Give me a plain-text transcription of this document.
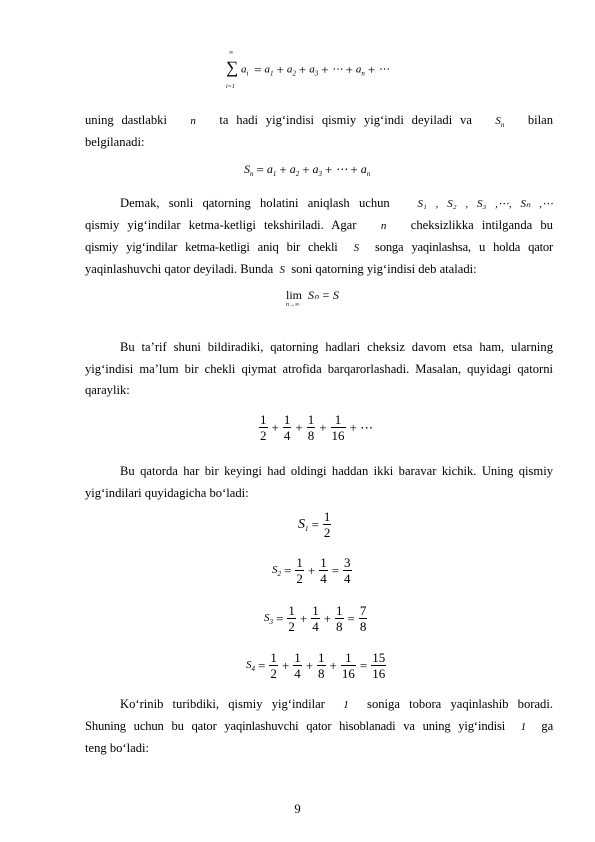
∑
∞
i=1
$a_i = a_1 + a_2 + a_3$ + ⋯ + $a_n$ + ⋯
uning dastlabki n ta hadi yig‘indisi qismiy yig‘indi deyiladi va $S_n$ bilan
belgilanadi:
$S_n = a_1 + a_2 + a_3$ + ⋯ + $a_n$
Demak, sonli qatorning holatini aniqlash uchun	S₁ , S₂ , S₃ ,⋯, Sₙ ,⋯
qismiy yig‘indilar ketma-ketligi tekshiriladi. Agar n cheksizlikka intilganda bu
qismiy yig‘indilar ketma-ketligi aniq bir chekli S songa yaqinlashsa, u holda qator
yaqinlashuvchi qator deyiladi. Bunda S soni qatorning yig‘indisi deb ataladi:
lim
n→∞
Sₙ = S
Bu ta’rif shuni bildiradiki, qatorning hadlari cheksiz davom etsa ham, ularning yig‘indisi ma’lum bir chekli qiymat atrofida barqarorlashadi. Masalan, quyidagi qatorni qaraylik:
$\frac{1}{2} + \frac{1}{4} + \frac{1}{8} + \frac{1}{16}$ + ⋯
Bu qatorda har bir keyingi had oldingi haddan ikki baravar kichik. Uning qismiy yig‘indilari quyidagicha bo‘ladi:
$S_1 = \frac{1}{2}$
$S_2 = \frac{1}{2} + \frac{1}{4} = \frac{3}{4}$
$S_3 = \frac{1}{2} + \frac{1}{4} + \frac{1}{8} = \frac{7}{8}$
$S_4 = \frac{1}{2} + \frac{1}{4} + \frac{1}{8} + \frac{1}{16} = \frac{15}{16}$
Ko‘rinib turibdiki, qismiy yig‘indilar 1 soniga tobora yaqinlashib boradi.
Shuning uchun bu qator yaqinlashuvchi qator hisoblanadi va uning yig‘indisi 1 ga
teng bo‘ladi:
9
